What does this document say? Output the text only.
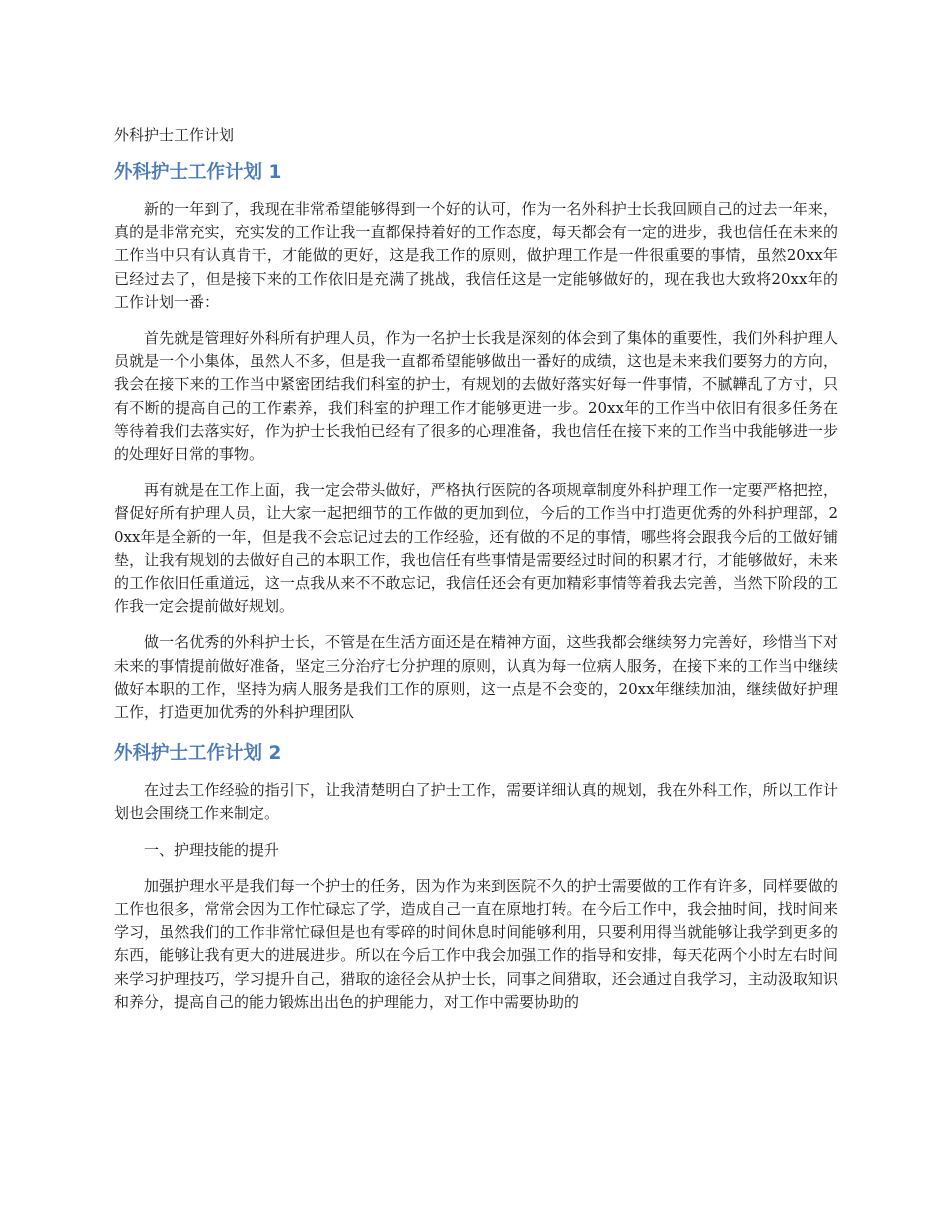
外科护士工作计划
外科护士工作计划 1

新的一年到了，我现在非常希望能够得到一个好的认可，作为一名外科护士长我回顾自己的过去一年来，真的是非常充实，充实发的工作让我一直都保持着好的工作态度，每天都会有一定的进步，我也信任在未来的工作当中只有认真肯干，才能做的更好，这是我工作的原则，做护理工作是一件很重要的事情，虽然20xx年已经过去了，但是接下来的工作依旧是充满了挑战，我信任这是一定能够做好的，现在我也大致将20xx年的工作计划一番：

首先就是管理好外科所有护理人员，作为一名护士长我是深刻的体会到了集体的重要性，我们外科护理人员就是一个小集体，虽然人不多，但是我一直都希望能够做出一番好的成绩，这也是未来我们要努力的方向，我会在接下来的工作当中紧密团结我们科室的护士，有规划的去做好落实好每一件事情，不腻韡乱了方寸，只有不断的提高自己的工作素养，我们科室的护理工作才能够更进一步。20xx年的工作当中依旧有很多任务在等待着我们去落实好，作为护士长我怕已经有了很多的心理准备，我也信任在接下来的工作当中我能够进一步的处理好日常的事物。

再有就是在工作上面，我一定会带头做好，严格执行医院的各项规章制度外科护理工作一定要严格把控，督促好所有护理人员，让大家一起把细节的工作做的更加到位，今后的工作当中打造更优秀的外科护理部，20xx年是全新的一年，但是我不会忘记过去的工作经验，还有做的不足的事情，哪些将会跟我今后的工做好铺垫，让我有规划的去做好自己的本职工作，我也信任有些事情是需要经过时间的积累才行，才能够做好，未来的工作依旧任重道远，这一点我从来不不敢忘记，我信任还会有更加精彩事情等着我去完善，当然下阶段的工作我一定会提前做好规划。

做一名优秀的外科护士长，不管是在生活方面还是在精神方面，这些我都会继续努力完善好，珍惜当下对未来的事情提前做好准备，坚定三分治疗七分护理的原则，认真为每一位病人服务，在接下来的工作当中继续做好本职的工作，坚持为病人服务是我们工作的原则，这一点是不会变的，20xx年继续加油，继续做好护理工作，打造更加优秀的外科护理团队

外科护士工作计划 2

在过去工作经验的指引下，让我清楚明白了护士工作，需要详细认真的规划，我在外科工作，所以工作计划也会围绕工作来制定。

一、护理技能的提升

加强护理水平是我们每一个护士的任务，因为作为来到医院不久的护士需要做的工作有许多，同样要做的工作也很多，常常会因为工作忙碌忘了学，造成自己一直在原地打转。在今后工作中，我会抽时间，找时间来学习，虽然我们的工作非常忙碌但是也有零碎的时间休息时间能够利用，只要利用得当就能够让我学到更多的东西，能够让我有更大的进展进步。所以在今后工作中我会加强工作的指导和安排，每天花两个小时左右时间来学习护理技巧，学习提升自己，猎取的途径会从护士长，同事之间猎取，还会通过自我学习，主动汲取知识和养分，提高自己的能力锻炼出出色的护理能力，对工作中需要协助的
